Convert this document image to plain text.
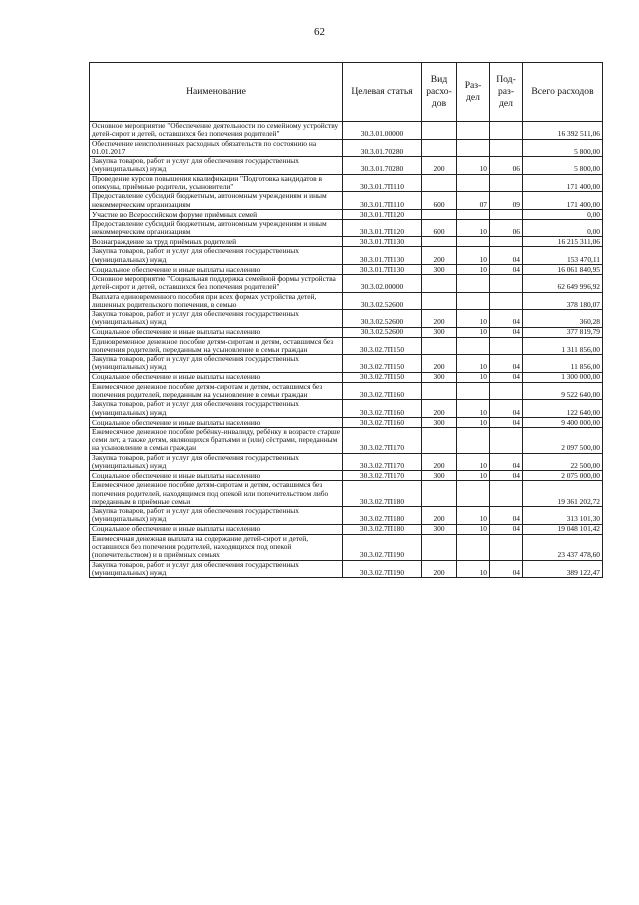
62
Наименование	Целевая статья	Вид расхо-дов	Раз-дел	Под-раз-дел	Всего расходов
Основное мероприятие "Обеспечение деятельности по семейному устройству детей-сирот и детей, оставшихся без попечения родителей"	30.3.01.00000				16 392 511,06
Обеспечение неисполненных расходных обязательств по состоянию на 01.01.2017	30.3.01.70280				5 800,00
Закупка товаров, работ и услуг для обеспечения государственных (муниципальных) нужд	30.3.01.70280	200	10	06	5 800,00
Проведение курсов повышения квалификации "Подготовка кандидатов в опекуны, приёмные родители, усыновители"	30.3.01.7П110				171 400,00
Предоставление субсидий бюджетным, автономным учреждениям и иным некоммерческим организациям	30.3.01.7П110	600	07	09	171 400,00
Участие во Всероссийском форуме приёмных семей	30.3.01.7П120				0,00
Предоставление субсидий бюджетным, автономным учреждениям и иным некоммерческим организациям	30.3.01.7П120	600	10	06	0,00
Вознаграждение за труд приёмных родителей	30.3.01.7П130				16 215 311,06
Закупка товаров, работ и услуг для обеспечения государственных (муниципальных) нужд	30.3.01.7П130	200	10	04	153 470,11
Социальное обеспечение и иные выплаты населению	30.3.01.7П130	300	10	04	16 061 840,95
Основное мероприятие "Социальная поддержка семейной формы устройства детей-сирот и детей, оставшихся без попечения родителей"	30.3.02.00000				62 649 996,92
Выплата единовременного пособия при всех формах устройства детей, лишенных родительского попечения, в семью	30.3.02.52600				378 180,07
Закупка товаров, работ и услуг для обеспечения государственных (муниципальных) нужд	30.3.02.52600	200	10	04	360,28
Социальное обеспечение и иные выплаты населению	30.3.02.52600	300	10	04	377 819,79
Единовременное денежное пособие детям-сиротам и детям, оставшимся без попечения родителей, переданным на усыновление в семьи граждан	30.3.02.7П150				1 311 856,00
Закупка товаров, работ и услуг для обеспечения государственных (муниципальных) нужд	30.3.02.7П150	200	10	04	11 856,00
Социальное обеспечение и иные выплаты населению	30.3.02.7П150	300	10	04	1 300 000,00
Ежемесячное денежное пособие детям-сиротам и детям, оставшимся без попечения родителей, переданным на усыновление в семьи граждан	30.3.02.7П160				9 522 640,00
Закупка товаров, работ и услуг для обеспечения государственных (муниципальных) нужд	30.3.02.7П160	200	10	04	122 640,00
Социальное обеспечение и иные выплаты населению	30.3.02.7П160	300	10	04	9 400 000,00
Ежемесячное денежное пособие ребёнку-инвалиду, ребёнку в возрасте старше семи лет, а также детям, являющихся братьями и (или) сёстрами, переданным на усыновление в семьи граждан	30.3.02.7П170				2 097 500,00
Закупка товаров, работ и услуг для обеспечения государственных (муниципальных) нужд	30.3.02.7П170	200	10	04	22 500,00
Социальное обеспечение и иные выплаты населению	30.3.02.7П170	300	10	04	2 075 000,00
Ежемесячное денежное пособие детям-сиротам и детям, оставшимся без попечения родителей, находящимся под опекой или попечительством либо переданным в приёмные семьи	30.3.02.7П180				19 361 202,72
Закупка товаров, работ и услуг для обеспечения государственных (муниципальных) нужд	30.3.02.7П180	200	10	04	313 101,30
Социальное обеспечение и иные выплаты населению	30.3.02.7П180	300	10	04	19 048 101,42
Ежемесячная денежная выплата на содержание детей-сирот и детей, оставшихся без попечения родителей, находящихся под опекой (попечительством) и в приёмных семьях	30.3.02.7П190				23 437 478,60
Закупка товаров, работ и услуг для обеспечения государственных (муниципальных) нужд	30.3.02.7П190	200	10	04	389 122,47
